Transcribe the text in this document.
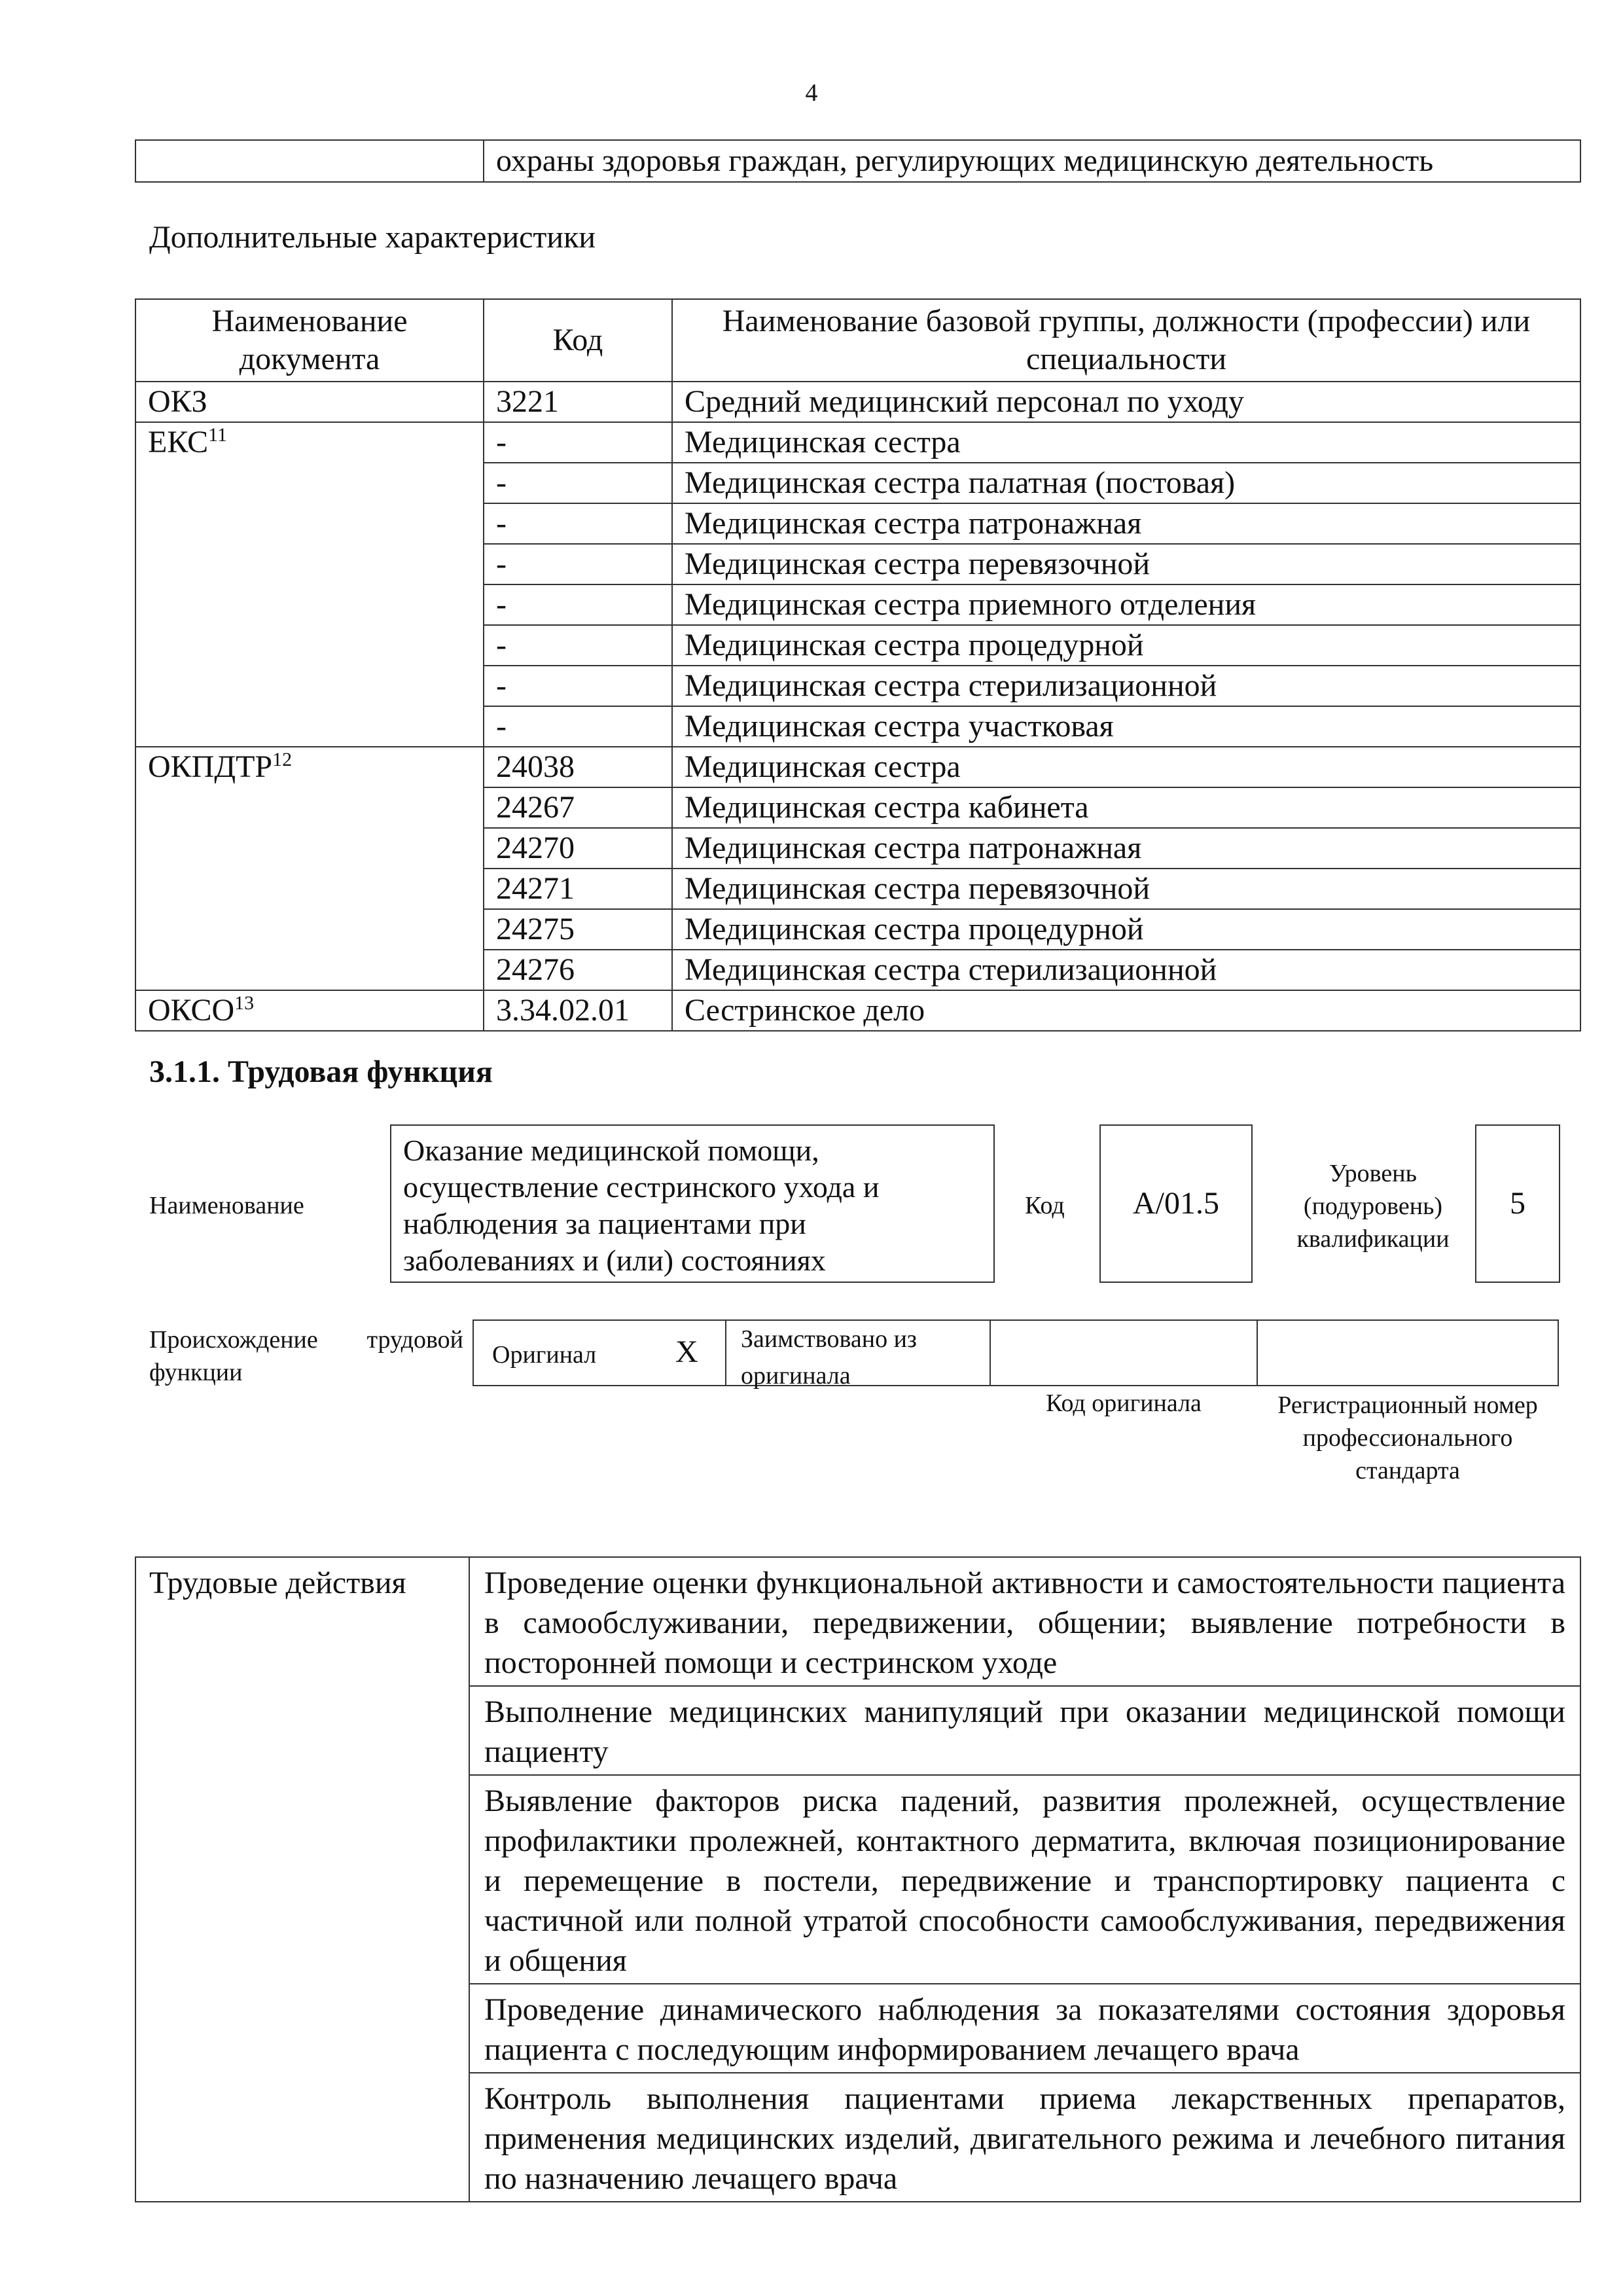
4
	охраны здоровья граждан, регулирующих медицинскую деятельность
Дополнительные характеристики
Наименование документа	Код	Наименование базовой группы, должности (профессии) или специальности
ОКЗ	3221	Средний медицинский персонал по уходу
ЕКС$^{11}$	-	Медицинская сестра
	-	Медицинская сестра палатная (постовая)
	-	Медицинская сестра патронажная
	-	Медицинская сестра перевязочной
	-	Медицинская сестра приемного отделения
	-	Медицинская сестра процедурной
	-	Медицинская сестра стерилизационной
	-	Медицинская сестра участковая
ОКПДТР$^{12}$	24038	Медицинская сестра
	24267	Медицинская сестра кабинета
	24270	Медицинская сестра патронажная
	24271	Медицинская сестра перевязочной
	24275	Медицинская сестра процедурной
	24276	Медицинская сестра стерилизационной
ОКСО$^{13}$	3.34.02.01	Сестринское дело
3.1.1. Трудовая функция
Наименование
Оказание медицинской помощи, осуществление сестринского ухода и наблюдения за пациентами при заболеваниях и (или) состояниях
Код	А/01.5
Уровень (подуровень) квалификации
5
Происхождение трудовой функции
Оригинал	X	Заимствовано из оригинала
Код оригинала	Регистрационный номер профессионального стандарта
Трудовые действия	Проведение оценки функциональной активности и самостоятельности пациента в самообслуживании, передвижении, общении; выявление потребности в посторонней помощи и сестринском уходе
Выполнение медицинских манипуляций при оказании медицинской помощи пациенту
Выявление факторов риска падений, развития пролежней, осуществление профилактики пролежней, контактного дерматита, включая позиционирование и перемещение в постели, передвижение и транспортировку пациента с частичной или полной утратой способности самообслуживания, передвижения и общения
Проведение динамического наблюдения за показателями состояния здоровья пациента с последующим информированием лечащего врача
Контроль выполнения пациентами приема лекарственных препаратов, применения медицинских изделий, двигательного режима и лечебного питания по назначению лечащего врача
